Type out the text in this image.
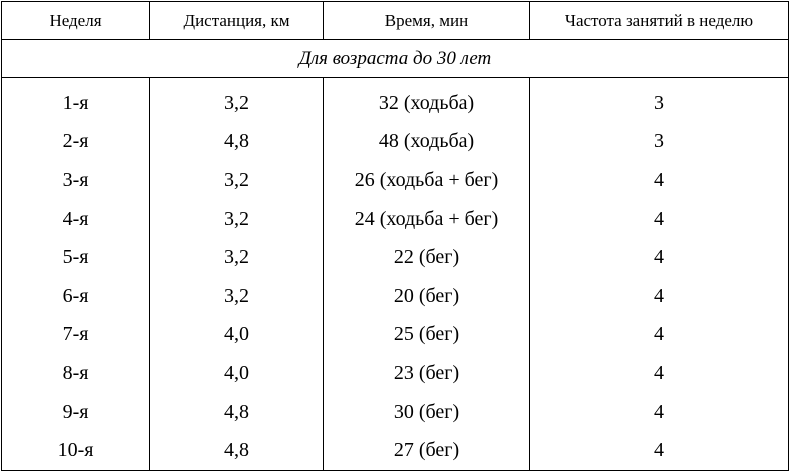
Неделя	Дистанция, км	Время, мин	Частота занятий в неделю
Для возраста до 30 лет			
1-я	3,2	32 (ходьба)	3
2-я	4,8	48 (ходьба)	3
3-я	3,2	26 (ходьба + бег)	4
4-я	3,2	24 (ходьба + бег)	4
5-я	3,2	22 (бег)	4
6-я	3,2	20 (бег)	4
7-я	4,0	25 (бег)	4
8-я	4,0	23 (бег)	4
9-я	4,8	30 (бег)	4
10-я	4,8	27 (бег)	4
